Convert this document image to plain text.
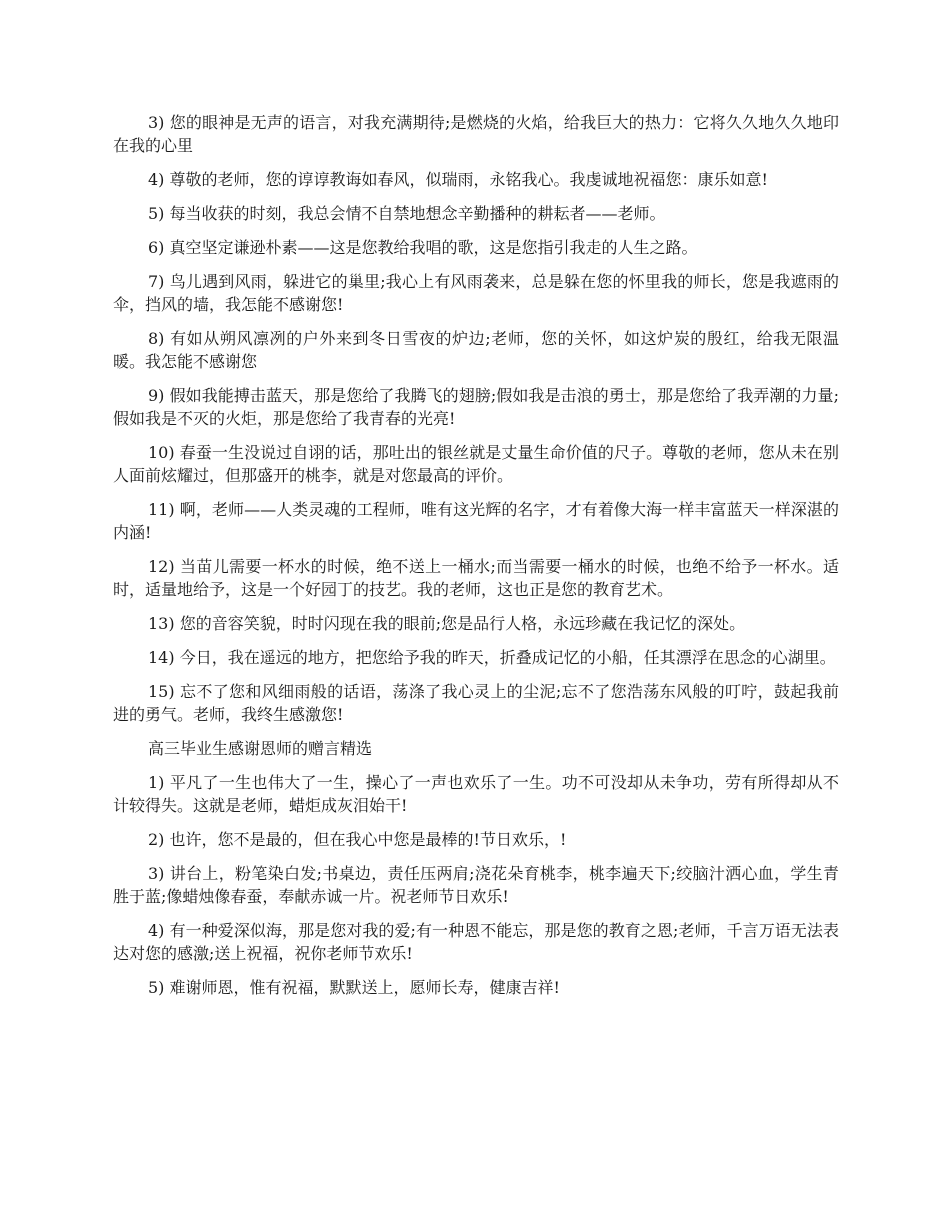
3) 您的眼神是无声的语言，对我充满期待;是燃烧的火焰，给我巨大的热力：它将久久地久久地印在我的心里

4) 尊敬的老师，您的谆谆教诲如春风，似瑞雨，永铭我心。我虔诚地祝福您：康乐如意!

5) 每当收获的时刻，我总会情不自禁地想念辛勤播种的耕耘者——老师。

6) 真空坚定谦逊朴素——这是您教给我唱的歌，这是您指引我走的人生之路。

7) 鸟儿遇到风雨，躲进它的巢里;我心上有风雨袭来，总是躲在您的怀里我的师长，您是我遮雨的伞，挡风的墙，我怎能不感谢您!

8) 有如从朔风凛冽的户外来到冬日雪夜的炉边;老师，您的关怀，如这炉炭的殷红，给我无限温暖。我怎能不感谢您

9) 假如我能搏击蓝天，那是您给了我腾飞的翅膀;假如我是击浪的勇士，那是您给了我弄潮的力量;假如我是不灭的火炬，那是您给了我青春的光亮!

10) 春蚕一生没说过自诩的话，那吐出的银丝就是丈量生命价值的尺子。尊敬的老师，您从未在别人面前炫耀过，但那盛开的桃李，就是对您最高的评价。

11) 啊，老师——人类灵魂的工程师，唯有这光辉的名字，才有着像大海一样丰富蓝天一样深湛的内涵!

12) 当苗儿需要一杯水的时候，绝不送上一桶水;而当需要一桶水的时候，也绝不给予一杯水。适时，适量地给予，这是一个好园丁的技艺。我的老师，这也正是您的教育艺术。

13) 您的音容笑貌，时时闪现在我的眼前;您是品行人格，永远珍藏在我记忆的深处。

14) 今日，我在遥远的地方，把您给予我的昨天，折叠成记忆的小船，任其漂浮在思念的心湖里。

15) 忘不了您和风细雨般的话语，荡涤了我心灵上的尘泥;忘不了您浩荡东风般的叮咛，鼓起我前进的勇气。老师，我终生感激您!

高三毕业生感谢恩师的赠言精选

1) 平凡了一生也伟大了一生，操心了一声也欢乐了一生。功不可没却从未争功，劳有所得却从不计较得失。这就是老师，蜡炬成灰泪始干!

2) 也许，您不是最的，但在我心中您是最棒的!节日欢乐，!

3) 讲台上，粉笔染白发;书桌边，责任压两肩;浇花朵育桃李，桃李遍天下;绞脑汁洒心血，学生青胜于蓝;像蜡烛像春蚕，奉献赤诚一片。祝老师节日欢乐!

4) 有一种爱深似海，那是您对我的爱;有一种恩不能忘，那是您的教育之恩;老师，千言万语无法表达对您的感激;送上祝福，祝你老师节欢乐!

5) 难谢师恩，惟有祝福，默默送上，愿师长寿，健康吉祥!
